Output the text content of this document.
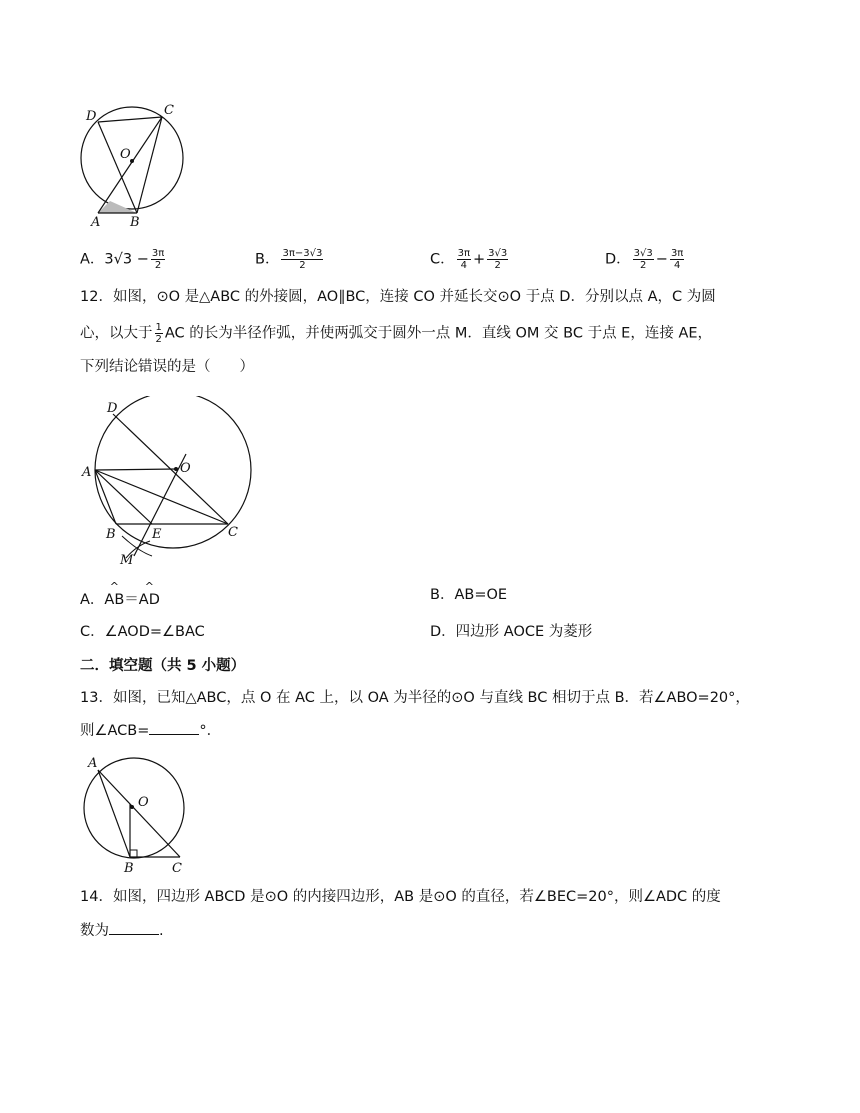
D	C
O
A B
A．$3√3 - \frac{3\pi}{2}$	B． $\frac{3\pi-3√3}{2}$	C． $\frac{3\pi}{4} + \frac{3√3}{2}$	D． $\frac{3√3}{2} - \frac{3\pi}{4}$
12．如图，⊙O 是△ABC 的外接圆，AO∥BC，连接 CO 并延长交⊙O 于点 D．分别以点 A，C 为圆
心，以大于 $\frac{1}{2}$ AC 的长为半径作弧，并使两弧交于圆外一点 M．直线 OM 交 BC 于点 E，连接 AE，
下列结论错误的是（　　）
D
A	O
B	E	C
M
A．
^
AB＝
^
AD	B．AB=OE
C．∠AOD=∠BAC	D．四边形 AOCE 为菱形
二．填空题（共 5 小题）
13．如图，已知△ABC，点 O 在 AC 上，以 OA 为半径的⊙O 与直线 BC 相切于点 B．若∠ABO=20°，
则∠ACB=	°．
A
O
B	C
14．如图，四边形 ABCD 是⊙O 的内接四边形，AB 是⊙O 的直径，若∠BEC=20°，则∠ADC 的度
数为	.
